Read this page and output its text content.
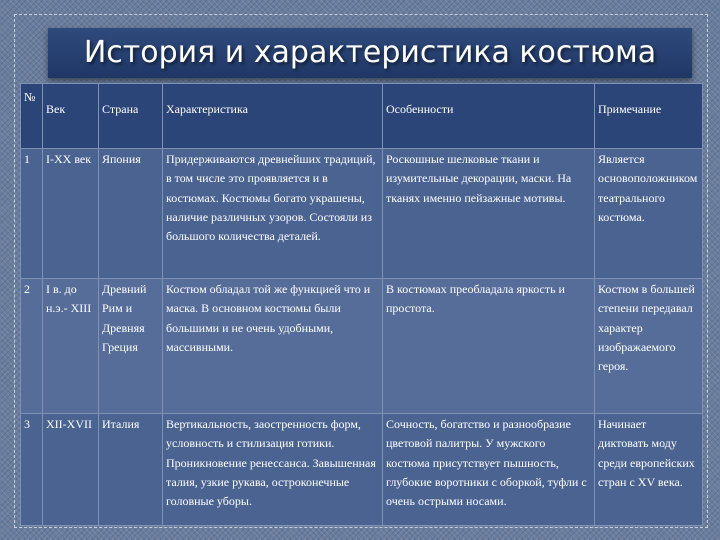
История и характеристика костюма
№	Век	Страна	Характеристика	Особенности	Примечание
1	I-XX век	Япония	Придерживаются древнейших традиций, в том числе это проявляется и в костюмах. Костюмы богато украшены, наличие различных узоров. Состояли из большого количества деталей.	Роскошные шелковые ткани и изумительные декорации, маски. На тканях именно пейзажные мотивы.	Является основоположником театрального костюма.
2	I в. до н.э.- XIII	Древний Рим и Древняя Греция	Костюм обладал той же функцией что и маска. В основном костюмы были большими и не очень удобными, массивными.	В костюмах преобладала яркость и простота.	Костюм в большей степени передавал характер изображаемого героя.
3	XII-XVII	Италия	Вертикальность, заостренность форм, условность и стилизация готики. Проникновение ренессанса. Завышенная талия, узкие рукава, остроконечные головные уборы.	Сочность, богатство и разнообразие цветовой палитры. У мужского костюма присутствует пышность, глубокие воротники с оборкой, туфли с очень острыми носами.	Начинает диктовать моду среди европейских стран с XV века.
